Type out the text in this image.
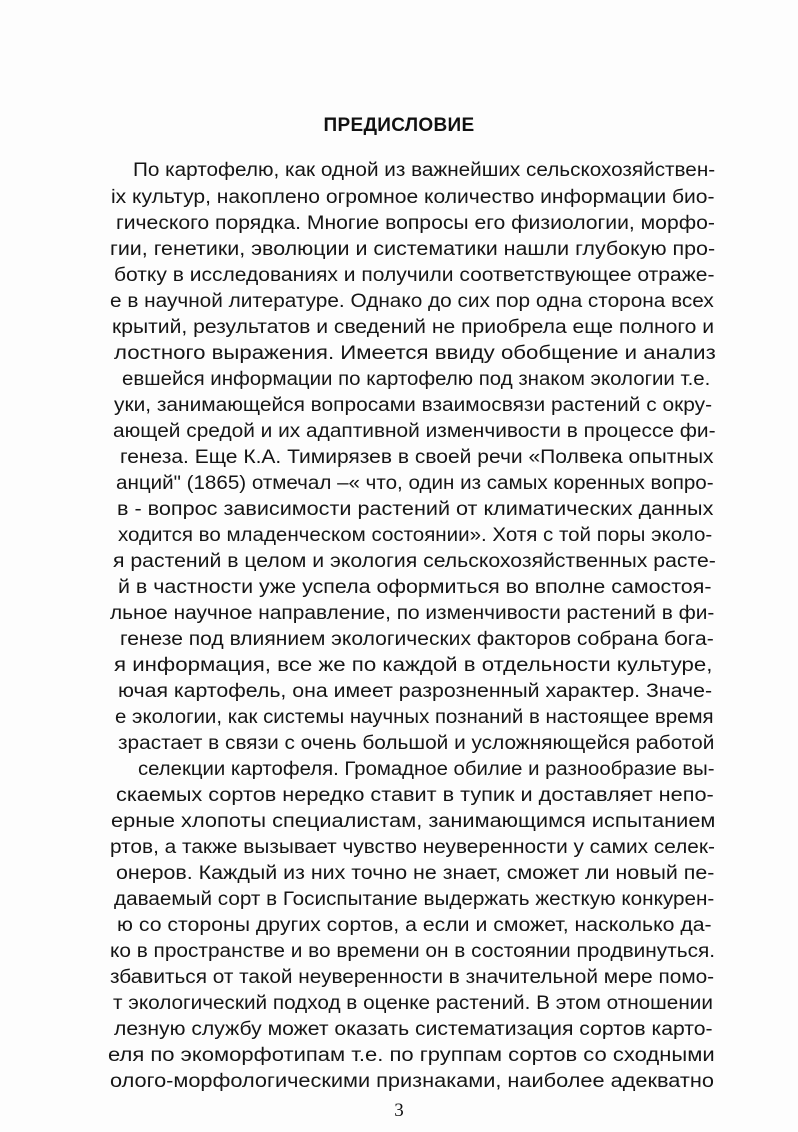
ПРЕДИСЛОВИЕ
По картофелю, как одной из важнейших сельскохозяйствен-
іх культур, накоплено огромное количество информации био-
гического порядка. Многие вопросы его физиологии, морфо-
гии, генетики, эволюции и систематики нашли глубокую про-
ботку в исследованиях и получили соответствующее отраже-
е в научной литературе. Однако до сих пор одна сторона всех
крытий, результатов и сведений не приобрела еще полного и
лостного выражения. Имеется ввиду обобщение и анализ
евшейся информации по картофелю под знаком экологии т.е.
уки, занимающейся вопросами взаимосвязи растений с окру-
ающей средой и их адаптивной изменчивости в процессе фи-
генеза. Еще К.А. Тимирязев в своей речи «Полвека опытных
анций" (1865) отмечал –« что, один из самых коренных вопро-
в - вопрос зависимости растений от климатических данных
ходится во младенческом состоянии». Хотя с той поры эколо-
я растений в целом и экология сельскохозяйственных расте-
й в частности уже успела оформиться во вполне самостоя-
льное научное направление, по изменчивости растений в фи-
генезе под влиянием экологических факторов собрана бога-
я информация, все же по каждой в отдельности культуре,
ючая картофель, она имеет разрозненный характер. Значе-
е экологии, как системы научных познаний в настоящее время
зрастает в связи с очень большой и усложняющейся работой
селекции картофеля. Громадное обилие и разнообразие вы-
скаемых сортов нередко ставит в тупик и доставляет непо-
ерные хлопоты специалистам, занимающимся испытанием
ртов, а также вызывает чувство неуверенности у самих селек-
онеров. Каждый из них точно не знает, сможет ли новый пе-
даваемый сорт в Госиспытание выдержать жесткую конкурен-
ю со стороны других сортов, а если и сможет, насколько да-
ко в пространстве и во времени он в состоянии продвинуться.
збавиться от такой неуверенности в значительной мере помо-
т экологический подход в оценке растений. В этом отношении
лезную службу может оказать систематизация сортов карто-
еля по экоморфотипам т.е. по группам сортов со сходными
олого-морфологическими признаками, наиболее адекватно
3
